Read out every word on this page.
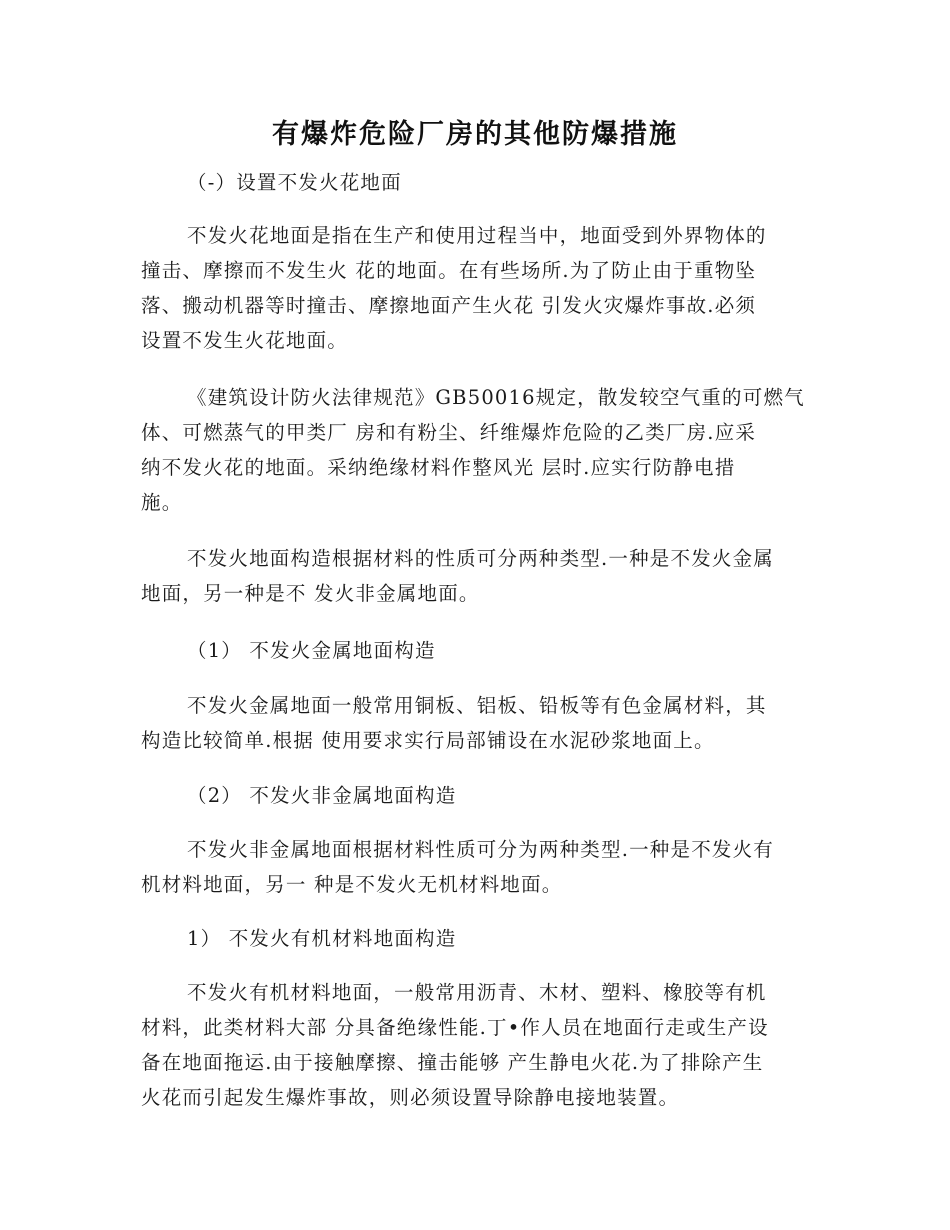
有爆炸危险厂房的其他防爆措施
（-）设置不发火花地面
不发火花地面是指在生产和使用过程当中，地面受到外界物体的
撞击、摩擦而不发生火 花的地面。在有些场所.为了防止由于重物坠
落、搬动机器等时撞击、摩擦地面产生火花 引发火灾爆炸事故.必须
设置不发生火花地面。
《建筑设计防火法律规范》GB50016规定，散发较空气重的可燃气
体、可燃蒸气的甲类厂 房和有粉尘、纤维爆炸危险的乙类厂房.应采
纳不发火花的地面。采纳绝缘材料作整风光 层时.应实行防静电措
施。
不发火地面构造根据材料的性质可分两种类型.一种是不发火金属
地面，另一种是不 发火非金属地面。
（1） 不发火金属地面构造
不发火金属地面一般常用铜板、铝板、铅板等有色金属材料，其
构造比较简单.根据 使用要求实行局部铺设在水泥砂浆地面上。
（2） 不发火非金属地面构造
不发火非金属地面根据材料性质可分为两种类型.一种是不发火有
机材料地面，另一 种是不发火无机材料地面。
1） 不发火有机材料地面构造
不发火有机材料地面，一般常用沥青、木材、塑料、橡胶等有机
材料，此类材料大部 分具备绝缘性能.丁•作人员在地面行走或生产设
备在地面拖运.由于接触摩擦、撞击能够 产生静电火花.为了排除产生
火花而引起发生爆炸事故，则必须设置导除静电接地装置。
